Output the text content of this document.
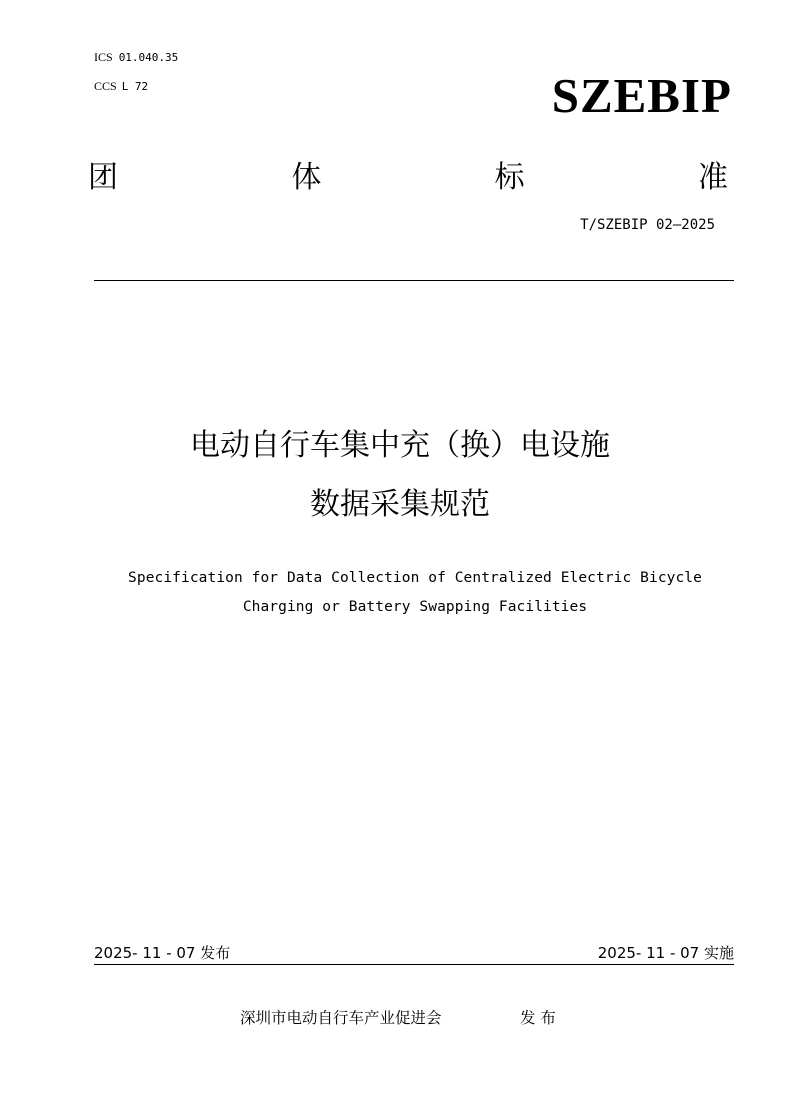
ICS 01.040.35
CCS L 72	SZEBIP
团	体	标	准
T/SZEBIP 02—2025
电动自行车集中充（换）电设施
数据采集规范
Specification for Data Collection of Centralized Electric Bicycle
Charging or Battery Swapping Facilities
2025- 11 - 07 发布	2025- 11 - 07 实施
深圳市电动自行车产业促进会	发 布
